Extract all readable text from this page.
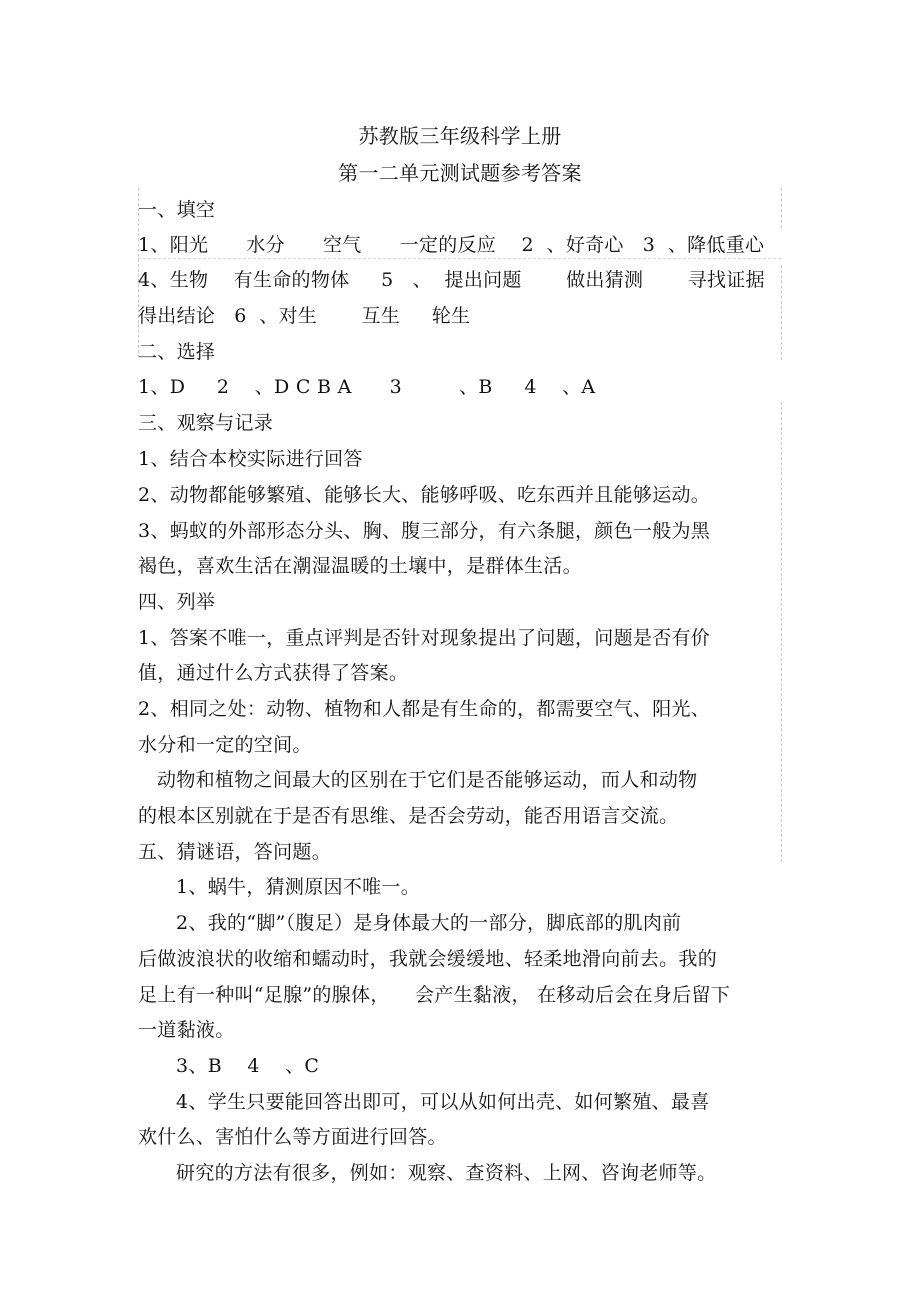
苏教版三年级科学上册
第一二单元测试题参考答案
一、填空
1、阳光      水分      空气      一定的反应    2  、好奇心   3  、降低重心
4、生物    有生命的物体     5   、  提出问题       做出猜测       寻找证据
得出结论   6  、对生       互生     轮生
二、选择
1、D     2    、D C B A      3         、B     4    、A
三、观察与记录
1、结合本校实际进行回答
2、动物都能够繁殖、能够长大、能够呼吸、吃东西并且能够运动。
3、蚂蚁的外部形态分头、胸、腹三部分，有六条腿，颜色一般为黑
褐色，喜欢生活在潮湿温暖的土壤中，是群体生活。
四、列举
1、答案不唯一，重点评判是否针对现象提出了问题，问题是否有价
值，通过什么方式获得了答案。
2、相同之处：动物、植物和人都是有生命的，都需要空气、阳光、
水分和一定的空间。
动物和植物之间最大的区别在于它们是否能够运动，而人和动物
的根本区别就在于是否有思维、是否会劳动，能否用语言交流。
五、猜谜语，答问题。
1、蜗牛，猜测原因不唯一。
2、我的“脚”（腹足）是身体最大的一部分，脚底部的肌肉前
后做波浪状的收缩和蠕动时，我就会缓缓地、轻柔地滑向前去。我的
足上有一种叫“足腺”的腺体，    会产生黏液， 在移动后会在身后留下
一道黏液。
3、B    4    、C
4、学生只要能回答出即可，可以从如何出壳、如何繁殖、最喜
欢什么、害怕什么等方面进行回答。
研究的方法有很多，例如：观察、查资料、上网、咨询老师等。
